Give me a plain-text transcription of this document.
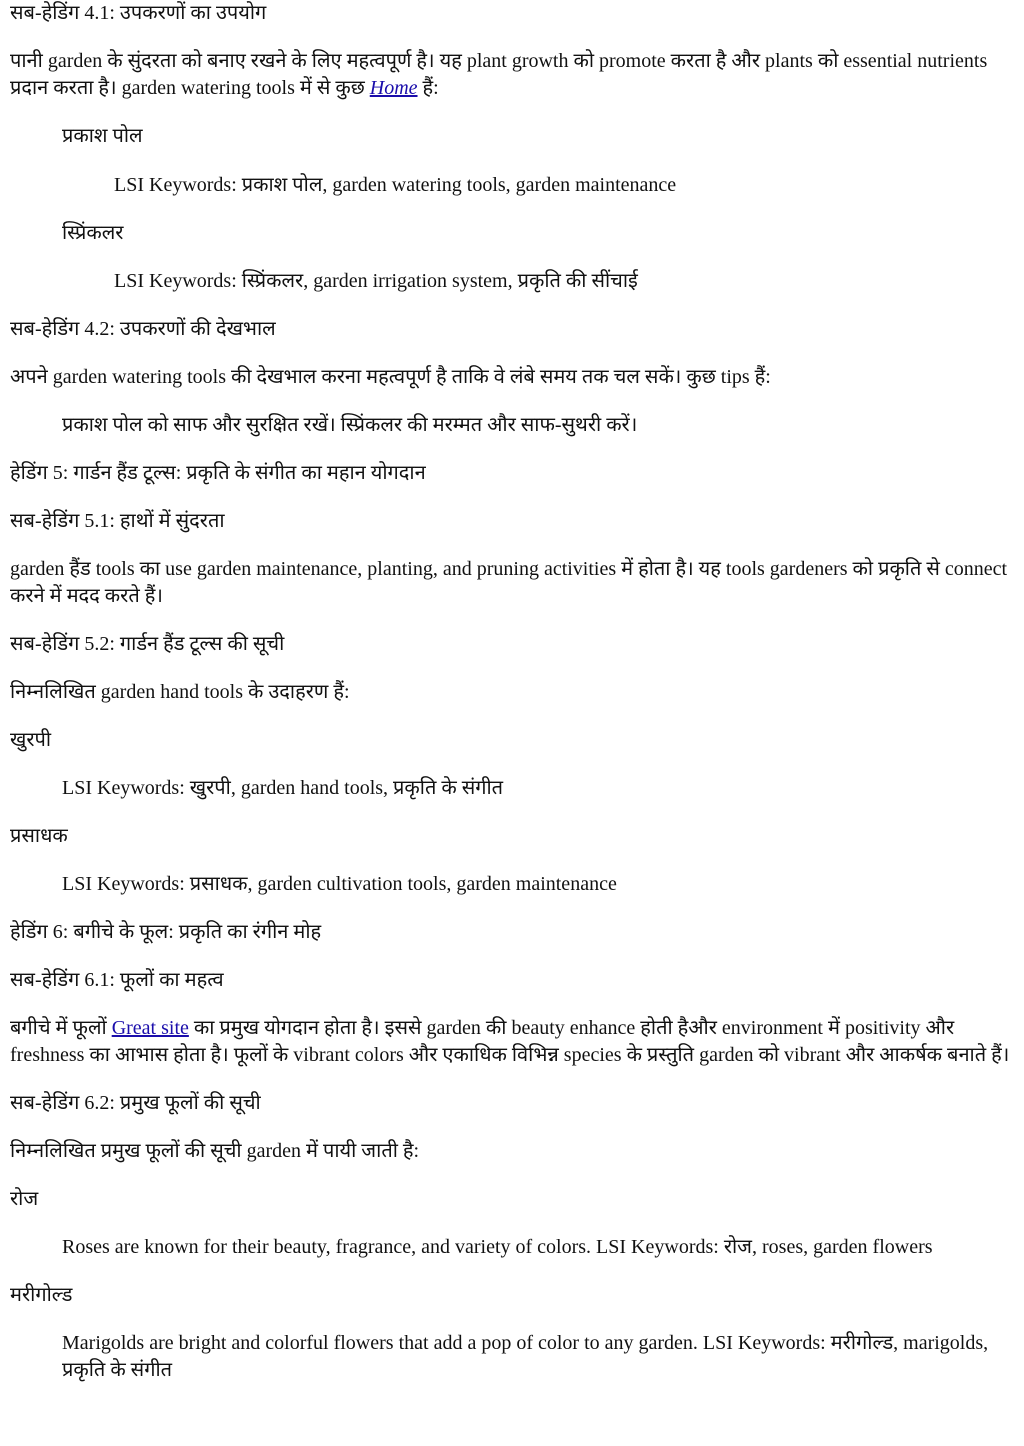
सब-हेडिंग 4.1: उपकरणों का उपयोग

पानी garden के सुंदरता को बनाए रखने के लिए महत्वपूर्ण है। यह plant growth को promote करता है और plants को essential nutrients प्रदान करता है। garden watering tools में से कुछ Home हैं:

प्रकाश पोल

LSI Keywords: प्रकाश पोल, garden watering tools, garden maintenance

स्प्रिंकलर

LSI Keywords: स्प्रिंकलर, garden irrigation system, प्रकृति की सींचाई

सब-हेडिंग 4.2: उपकरणों की देखभाल

अपने garden watering tools की देखभाल करना महत्वपूर्ण है ताकि वे लंबे समय तक चल सकें। कुछ tips हैं:

प्रकाश पोल को साफ और सुरक्षित रखें। स्प्रिंकलर की मरम्मत और साफ-सुथरी करें।

हेडिंग 5: गार्डन हैंड टूल्स: प्रकृति के संगीत का महान योगदान

सब-हेडिंग 5.1: हाथों में सुंदरता

garden हैंड tools का use garden maintenance, planting, and pruning activities में होता है। यह tools gardeners को प्रकृति से connect करने में मदद करते हैं।

सब-हेडिंग 5.2: गार्डन हैंड टूल्स की सूची

निम्नलिखित garden hand tools के उदाहरण हैं:

खुरपी

LSI Keywords: खुरपी, garden hand tools, प्रकृति के संगीत

प्रसाधक

LSI Keywords: प्रसाधक, garden cultivation tools, garden maintenance

हेडिंग 6: बगीचे के फूल: प्रकृति का रंगीन मोह

सब-हेडिंग 6.1: फूलों का महत्व

बगीचे में फूलों Great site का प्रमुख योगदान होता है। इससे garden की beauty enhance होती हैऔर environment में positivity और freshness का आभास होता है। फूलों के vibrant colors और एकाधिक विभिन्न species के प्रस्तुति garden को vibrant और आकर्षक बनाते हैं।

सब-हेडिंग 6.2: प्रमुख फूलों की सूची

निम्नलिखित प्रमुख फूलों की सूची garden में पायी जाती है:

रोज

Roses are known for their beauty, fragrance, and variety of colors. LSI Keywords: रोज, roses, garden flowers

मरीगोल्ड

Marigolds are bright and colorful flowers that add a pop of color to any garden. LSI Keywords: मरीगोल्ड, marigolds, प्रकृति के संगीत
